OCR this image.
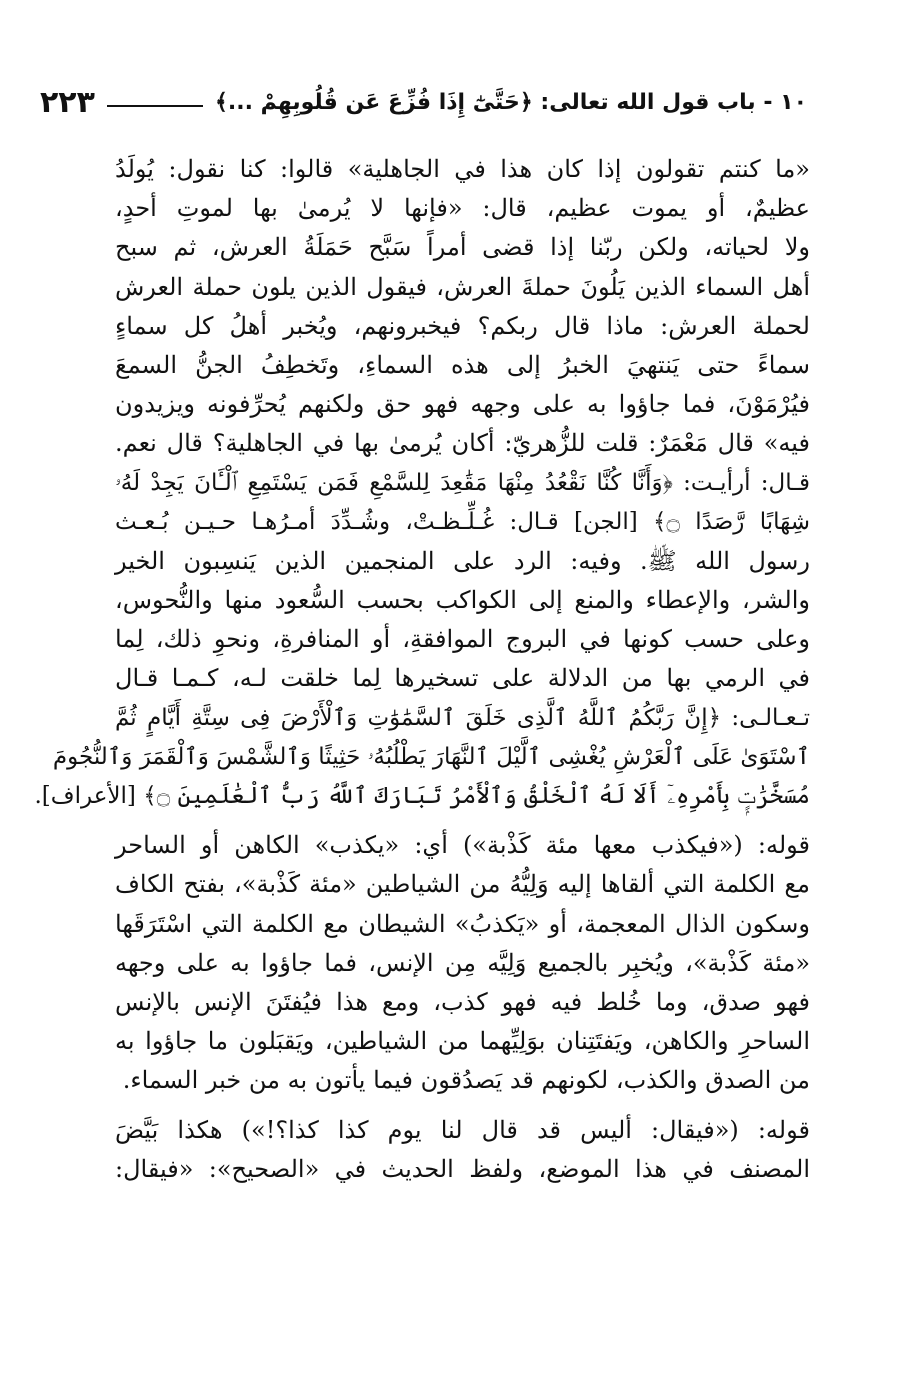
١٠ - باب قول الله تعالى: ﴿حَتَّىٰٓ إِذَا فُزِّعَ عَن قُلُوبِهِمْ ...﴾
٢٢٣
«ما كنتم تقولون إذا كان هذا في الجاهلية» قالوا: كنا نقول: يُولَدُ
عظيمٌ، أو يموت عظيم، قال: «فإنها لا يُرمىٰ بها لموتِ أحدٍ،
ولا لحياته، ولكن ربّنا إذا قضى أمراً سَبَّح حَمَلَةُ العرش، ثم سبح
أهل السماء الذين يَلُونَ حملةَ العرش، فيقول الذين يلون حملة العرش
لحملة العرش: ماذا قال ربكم؟ فيخبرونهم، ويُخبر أهلُ كل سماءٍ
سماءً حتى يَنتهيَ الخبرُ إلى هذه السماءِ، وتَخطِفُ الجنُّ السمعَ
فيُرْمَوْنَ، فما جاؤوا به على وجهه فهو حق ولكنهم يُحرِّفونه ويزيدون
فيه» قال مَعْمَرٌ: قلت للزُّهريّ: أكان يُرمىٰ بها في الجاهلية؟ قال نعم.
قـال: أرأيـت: ﴿وَأَنَّا كُنَّا نَقْعُدُ مِنْهَا مَقَٰعِدَ لِلسَّمْعِ فَمَن يَسْتَمِعِ ٱلْـَٔانَ يَجِدْ لَهُۥ
شِهَابًا رَّصَدًا ۝﴾ [الجن] قـال: غُـلِّـظـتْ، وشُـدِّدَ أمـرُهـا حـيـن بُـعـث
رسول الله ﷺ. وفيه: الرد على المنجمين الذين يَنسِبون الخير
والشر، والإعطاء والمنع إلى الكواكب بحسب السُّعود منها والنُّحوس،
وعلى حسب كونها في البروج الموافقةِ، أو المنافرةِ، ونحوِ ذلك، لِما
في الرمي بها من الدلالة على تسخيرها لِما خلقت لـه، كـمـا قـال
تـعـالـى: ﴿إِنَّ رَبَّكُمُ ٱللَّهُ ٱلَّذِى خَلَقَ ٱلسَّمَٰوَٰتِ وَٱلْأَرْضَ فِى سِتَّةِ أَيَّامٍ ثُمَّ
ٱسْتَوَىٰ عَلَى ٱلْعَرْشِ يُغْشِى ٱلَّيْلَ ٱلنَّهَارَ يَطْلُبُهُۥ حَثِيثًا وَٱلشَّمْسَ وَٱلْقَمَرَ وَٱلنُّجُومَ
مُسَخَّرَٰتٍۭ بِأَمْرِهِۦٓ أَلَا لَهُ ٱلْخَلْقُ وَٱلْأَمْرُ تَبَارَكَ ٱللَّهُ رَبُّ ٱلْعَٰلَمِينَ ۝﴾ [الأعراف].
قوله: («فيكذب معها مئة كَذْبة») أي: «يكذب» الكاهن أو الساحر
مع الكلمة التي ألقاها إليه وَلِيُّهُ من الشياطين «مئة كَذْبة»، بفتح الكاف
وسكون الذال المعجمة، أو «يَكذبُ» الشيطان مع الكلمة التي اسْتَرَقَها
«مئة كَذْبة»، ويُخبِر بالجميع وَلِيَّه مِن الإنس، فما جاؤوا به على وجهه
فهو صدق، وما خُلط فيه فهو كذب، ومع هذا فيُفتَنَ الإنس بالإنس
الساحرِ والكاهن، ويَفتَتِنان بوَلِيِّهما من الشياطين، ويَقبَلون ما جاؤوا به
من الصدق والكذب، لكونهم قد يَصدُقون فيما يأتون به من خبر السماء.
قوله: («فيقال: أليس قد قال لنا يوم كذا كذا؟!») هكذا بَيَّضَ
المصنف في هذا الموضع، ولفظ الحديث في «الصحيح»: «فيقال:
